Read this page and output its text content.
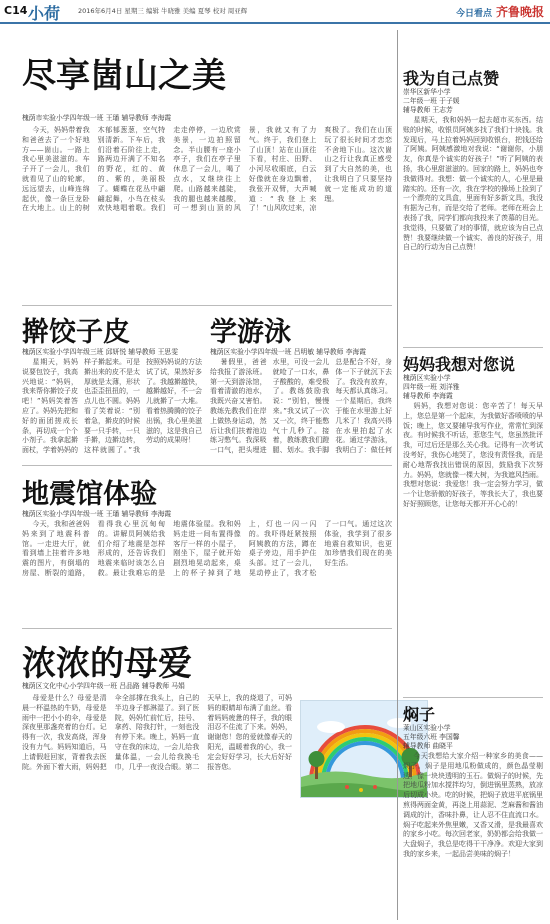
C14 小荷	2016年6月4日 星期三 编辑 牛晓雅 美编 夏琴 校对 周亚辉	今日看点 齐鲁晚报
尽享崮山之美
槐荫市实验小学四年级一班 王璠 辅导教师 李海霞

今天，妈妈带着我和爸爸去了一个好地方——崮山。一路上我心里美滋滋的。车子开了一会儿，我们就看见了山的轮廓，远远望去，山峰连绵起伏，像一条巨龙卧在大地上。山上的树木郁郁葱葱，空气特别清新。下车后，我们沿着石阶往上走，路两边开满了不知名的野花，红的、黄的、紫的，美丽极了。蝴蝶在花丛中翩翩起舞，小鸟在枝头欢快地唱着歌。我们走走停停，一边欣赏美景，一边拍照留念。半山腰有一座小亭子，我们在亭子里休息了一会儿，喝了点水，又继续往上爬。山路越来越陡，我的腿也越来越酸，可一想到山顶的风景，我就又有了力气。终于，我们登上了山顶！站在山顶往下看，村庄、田野、小河尽收眼底，白云好像就在身边飘着，我张开双臂，大声喊道：“我登上来了！”山风吹过来，凉爽极了。我们在山顶玩了很长时间才恋恋不舍地下山。这次崮山之行让我真正感受到了大自然的美，也让我明白了只要坚持就一定能成功的道理。

擀饺子皮
槐荫区实验小学四年级三班 邱妍悦 辅导教师 王思雯

星期天，妈妈说要包饺子，我高兴地说：“妈妈，我来帮你擀饺子皮吧！”妈妈笑着答应了。妈妈先把和好的面团搓成长条，再切成一个个小剂子。我拿起擀面杖，学着妈妈的样子擀起来。可是擀出来的皮不是太厚就是太薄，形状也歪歪扭扭的，一点儿也不圆。妈妈看了笑着说：“别着急，擀皮的时候要一只手转，一只手擀，边擀边转，这样就圆了。”我按照妈妈说的方法试了试，果然好多了。我越擀越快，越擀越好，不一会儿就擀了一大堆。看着热腾腾的饺子出锅，我心里美滋滋的，这是我自己劳动的成果呀！

学游泳
槐荫区实验小学四年级一班 吕明敏 辅导教师 李海霞

暑假里，爸爸给我报了游泳班。第一天到游泳馆，看着清澈的池水，我既兴奋又害怕。教练先教我们在岸上做热身运动，然后让我们扶着池边练习憋气。我深吸一口气，把头埋进水里，可没一会儿就呛了一口水，鼻子酸酸的，难受极了。教练鼓励我说：“别怕，慢慢来。”我又试了一次又一次，终于能憋气十几秒了。接着，教练教我们蹬腿、划水。我手脚总是配合不好，身体一下子就沉下去了。我没有放弃，每天都认真练习。一个星期后，我终于能在水里游上好几米了！我高兴得在水里拍起了水花。通过学游泳，我明白了：做任何

地震馆体验
槐荫区实验小学四年级一班 王璠 辅导教师 李海霞

今天，我和爸爸妈妈来到了地震科普馆。一走进大厅，就看到墙上挂着许多地震的图片，有倒塌的房屋、断裂的道路，看得我心里沉甸甸的。讲解员阿姨给我们介绍了地震是怎样形成的，还告诉我们地震来临时该怎么自救。最让我难忘的是地震体验屋。我和妈妈走进一间布置得像客厅一样的小屋子，刚坐下，屋子就开始剧烈地晃动起来，桌上的杯子掉到了地上，灯也一闪一闪的。我吓得赶紧按照阿姨教的方法，蹲在桌子旁边，用手护住头部。过了一会儿，晃动停止了，我才松了一口气。通过这次体验，我学到了很多地震自救知识，也更加珍惜我们现在的美好生活。

浓浓的母爱
槐荫区文化中心小学四年级一班 吕品路 辅导教师 马娟

母爱是什么？母爱是清晨一杯温热的牛奶，母爱是雨中一把小小的伞，母爱是深夜里那盏亮着的台灯。记得有一次，我发高烧，浑身没有力气。妈妈知道后，马上请假赶回家，背着我去医院。外面下着大雨，妈妈把伞全部撑在我头上，自己的半边身子都淋湿了。到了医院，妈妈忙前忙后，挂号、拿药、陪我打针，一刻也没有停下来。晚上，妈妈一直守在我的床边，一会儿给我量体温，一会儿给我换毛巾，几乎一夜没合眼。第二天早上，我的烧退了，可妈妈的眼睛却布满了血丝。看着妈妈疲惫的样子，我的眼泪忍不住流了下来。妈妈，谢谢您！您的爱就像春天的阳光，温暖着我的心，我一定会好好学习，长大后好好报答您。

我为自己点赞
崇华区新华小学
二年级一班 于子媛
辅导教师 王志芳

星期天，我和妈妈一起去超市买东西。结账的时候，收银员阿姨多找了我们十块钱。我发现后，马上拉着妈妈回到收银台，把钱还给了阿姨。阿姨感激地对我说：“谢谢你，小朋友，你真是个诚实的好孩子！”听了阿姨的表扬，我心里甜滋滋的。回家的路上，妈妈也夸我做得对。我想：做一个诚实的人，心里是最踏实的。还有一次，我在学校的操场上捡到了一个漂亮的文具盒，里面有好多新文具，我没有据为己有，而是交给了老师。老师在班会上表扬了我，同学们都向我投来了羡慕的目光。我觉得，只要做了对的事情，就应该为自己点赞！我要继续做一个诚实、善良的好孩子，用自己的行动为自己点赞！

妈妈我想对您说
槐荫区实验小学
四年级一班 刘洋雅
辅导教师 李海霞

妈妈，我想对您说：您辛苦了！每天早上，您总是第一个起床，为我做好香喷喷的早饭；晚上，您又要辅导我写作业，常常忙到深夜。有时候我不听话，惹您生气，您虽然批评我，可过后还是那么关心我。记得有一次考试没考好，我伤心地哭了，您没有责怪我，而是耐心地帮我找出错误的原因，鼓励我下次努力。妈妈，您就像一棵大树，为我遮风挡雨。我想对您说：我爱您！我一定会努力学习，做一个让您骄傲的好孩子，等我长大了，我也要好好照顾您，让您每天都开开心心的！

焖子
莱山区实验小学
五年级六班 李国馨
辅导教师 曲晓平

今天我想给大家介绍一种家乡的美食——焖子。焖子是用地瓜粉做成的，颜色晶莹剔透，像一块块透明的玉石。做焖子的时候，先把地瓜粉加水搅拌均匀，倒进锅里蒸熟，放凉后切成小块。吃的时候，把焖子放进平底锅里煎得两面金黄，再浇上用蒜泥、芝麻酱和酱油调成的汁，香味扑鼻，让人忍不住直流口水。焖子吃起来外焦里嫩，又香又滑，是我最喜欢的家乡小吃。每次回老家，奶奶都会给我做一大盘焖子，我总是吃得干干净净。欢迎大家到我的家乡来，一起品尝美味的焖子！
